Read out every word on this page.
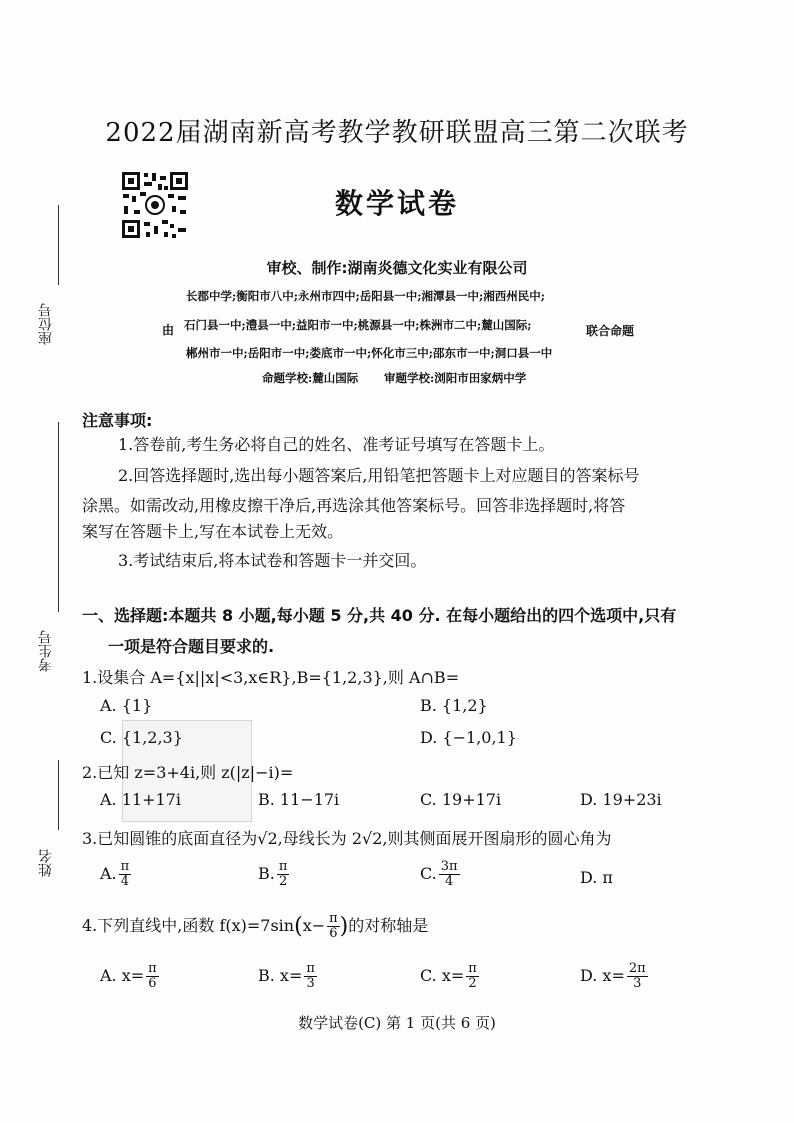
2022届湖南新高考教学教研联盟高三第二次联考
数学试卷
审校、制作:湖南炎德文化实业有限公司
长郡中学;衡阳市八中;永州市四中;岳阳县一中;湘潭县一中;湘西州民中;
由 石门县一中;澧县一中;益阳市一中;桃源县一中;株洲市二中;麓山国际;	联合命题
郴州市一中;岳阳市一中;娄底市一中;怀化市三中;邵东市一中;洞口县一中
命题学校:麓山国际 审题学校:浏阳市田家炳中学
座位号
考生号
姓名
注意事项:
1.答卷前,考生务必将自己的姓名、准考证号填写在答题卡上。
2.回答选择题时,选出每小题答案后,用铅笔把答题卡上对应题目的答案标号
涂黑。如需改动,用橡皮擦干净后,再选涂其他答案标号。回答非选择题时,将答
案写在答题卡上,写在本试卷上无效。
3.考试结束后,将本试卷和答题卡一并交回。
一、选择题:本题共 8 小题,每小题 5 分,共 40 分. 在每小题给出的四个选项中,只有
一项是符合题目要求的.
1.设集合 A={x||x|<3,x∈R},B={1,2,3},则 A∩B=
A. {1}	B. {1,2}
C. {1,2,3}	D. {−1,0,1}
2.已知 z=3+4i,则 z(|z|−i)=
A. 11+17i	B. 11−17i	C. 19+17i	D. 19+23i
3.已知圆锥的底面直径为√2,母线长为 2√2,则其侧面展开图扇形的圆心角为
A. $\frac{\pi}{4}$	B. $\frac{\pi}{2}$	C. $\frac{3\pi}{4}$	D. π
4.下列直线中,函数 $f(x)=7\sin(x- \frac{\pi}{6}$ )的对称轴是
A. $x= \frac{\pi}{6}$	B. $x= \frac{\pi}{3}$	C. $x= \frac{\pi}{2}$	D. $x= \frac{2\pi}{3}$
数学试卷(C) 第 1 页(共 6 页)
